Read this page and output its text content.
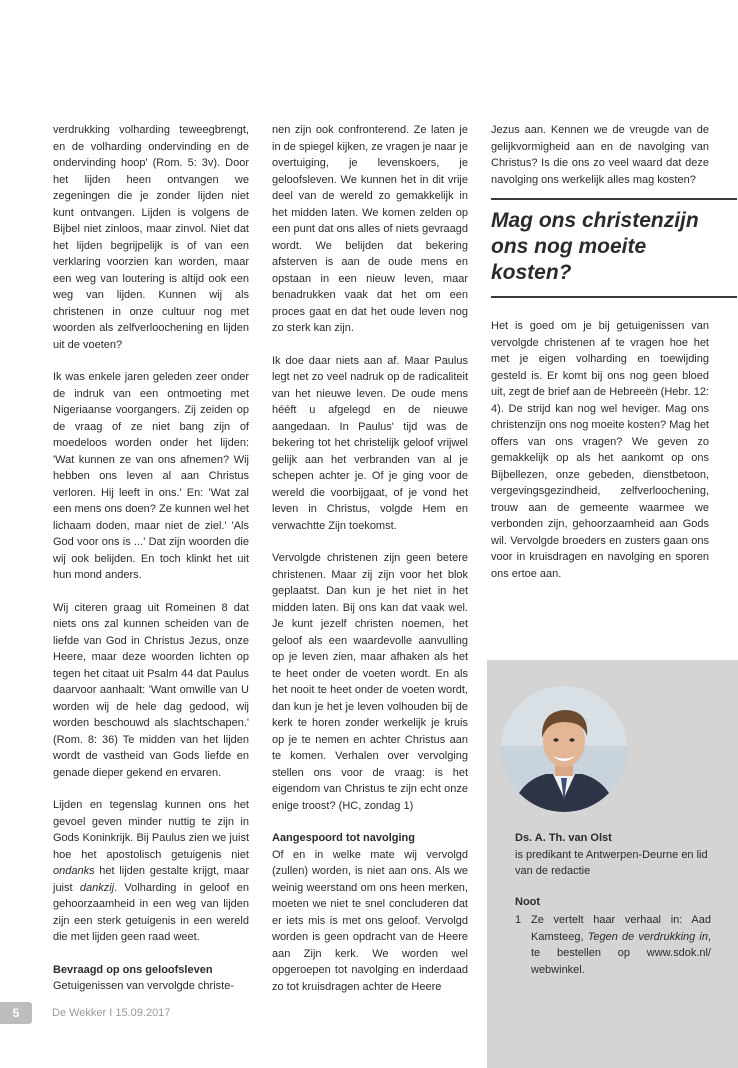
verdrukking volharding teweegbrengt, en de volharding ondervinding en de ondervinding hoop' (Rom. 5: 3v). Door het lijden heen ontvangen we zegeningen die je zonder lijden niet kunt ontvangen. Lijden is volgens de Bijbel niet zinloos, maar zinvol. Niet dat het lijden begrijpelijk is of van een verklaring voorzien kan worden, maar een weg van loutering is altijd ook een weg van lijden. Kunnen wij als christenen in onze cultuur nog met woorden als zelfverloochening en lijden uit de voeten?

Ik was enkele jaren geleden zeer onder de indruk van een ontmoeting met Nigeriaanse voorgangers. Zij zeiden op de vraag of ze niet bang zijn of moedeloos worden onder het lijden: 'Wat kunnen ze van ons afnemen? Wij hebben ons leven al aan Christus verloren. Hij leeft in ons.' En: 'Wat zal een mens ons doen? Ze kunnen wel het lichaam doden, maar niet de ziel.' 'Als God voor ons is ...' Dat zijn woorden die wij ook belijden. En toch klinkt het uit hun mond anders.

Wij citeren graag uit Romeinen 8 dat niets ons zal kunnen scheiden van de liefde van God in Christus Jezus, onze Heere, maar deze woorden lichten op tegen het citaat uit Psalm 44 dat Paulus daarvoor aanhaalt: 'Want omwille van U worden wij de hele dag gedood, wij worden beschouwd als slachtschapen.' (Rom. 8: 36) Te midden van het lijden wordt de vastheid van Gods liefde en genade dieper gekend en ervaren.

Lijden en tegenslag kunnen ons het gevoel geven minder nuttig te zijn in Gods Koninkrijk. Bij Paulus zien we juist hoe het apostolisch getuigenis niet ondanks het lijden gestalte krijgt, maar juist dankzij. Volharding in geloof en gehoorzaamheid in een weg van lijden zijn een sterk getuigenis in een wereld die met lijden geen raad weet.

Bevraagd op ons geloofsleven

Getuigenissen van vervolgde christe-

nen zijn ook confronterend. Ze laten je in de spiegel kijken, ze vragen je naar je overtuiging, je levenskoers, je geloofsleven. We kunnen het in dit vrije deel van de wereld zo gemakkelijk in het midden laten. We komen zelden op een punt dat ons alles of niets gevraagd wordt. We belijden dat bekering afsterven is aan de oude mens en opstaan in een nieuw leven, maar benadrukken vaak dat het om een proces gaat en dat het oude leven nog zo sterk kan zijn.

Ik doe daar niets aan af. Maar Paulus legt net zo veel nadruk op de radicaliteit van het nieuwe leven. De oude mens hééft u afgelegd en de nieuwe aangedaan. In Paulus' tijd was de bekering tot het christelijk geloof vrijwel gelijk aan het verbranden van al je schepen achter je. Of je ging voor de wereld die voorbijgaat, of je vond het leven in Christus, volgde Hem en verwachtte Zijn toekomst.

Vervolgde christenen zijn geen betere christenen. Maar zij zijn voor het blok geplaatst. Dan kun je het niet in het midden laten. Bij ons kan dat vaak wel. Je kunt jezelf christen noemen, het geloof als een waardevolle aanvulling op je leven zien, maar afhaken als het te heet onder de voeten wordt. En als het nooit te heet onder de voeten wordt, dan kun je het je leven volhouden bij de kerk te horen zonder werkelijk je kruis op je te nemen en achter Christus aan te komen. Verhalen over vervolging stellen ons voor de vraag: is het eigendom van Christus te zijn echt onze enige troost? (HC, zondag 1)

Aangespoord tot navolging

Of en in welke mate wij vervolgd (zullen) worden, is niet aan ons. Als we weinig weerstand om ons heen merken, moeten we niet te snel concluderen dat er iets mis is met ons geloof. Vervolgd worden is geen opdracht van de Heere aan Zijn kerk. We worden wel opgeroepen tot navolging en inderdaad zo tot kruisdragen achter de Heere

Jezus aan. Kennen we de vreugde van de gelijkvormigheid aan en de navolging van Christus? Is die ons zo veel waard dat deze navolging ons werkelijk alles mag kosten?

Mag ons christenzijn ons nog moeite kosten?

Het is goed om je bij getuigenissen van vervolgde christenen af te vragen hoe het met je eigen volharding en toewijding gesteld is. Er komt bij ons nog geen bloed uit, zegt de brief aan de Hebreeën (Hebr. 12: 4). De strijd kan nog wel heviger. Mag ons christenzijn ons nog moeite kosten? Mag het offers van ons vragen? We geven zo gemakkelijk op als het aankomt op ons Bijbellezen, onze gebeden, dienstbetoon, vergevingsgezindheid, zelfverloochening, trouw aan de gemeente waarmee we verbonden zijn, gehoorzaamheid aan Gods wil. Vervolgde broeders en zusters gaan ons voor in kruisdragen en navolging en sporen ons ertoe aan.

Ds. A. Th. van Olst
is predikant te Antwerpen-Deurne en lid van de redactie
Noot
1 Ze vertelt haar verhaal in: Aad Kamsteeg, Tegen de verdrukking in, te bestellen op www.sdok.nl/ webwinkel.
5	De Wekker I 15.09.2017
